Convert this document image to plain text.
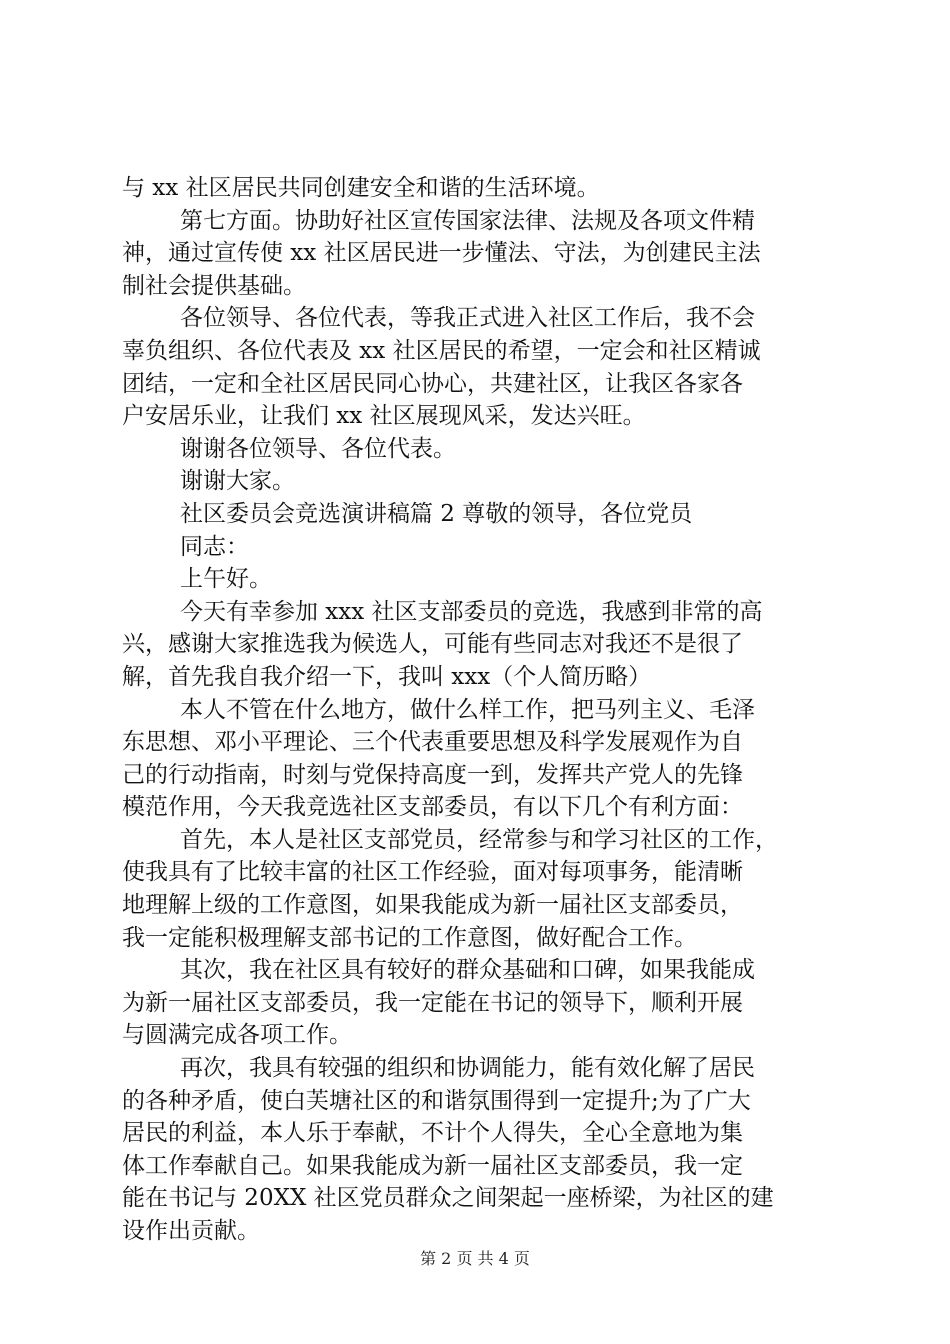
与 xx 社区居民共同创建安全和谐的生活环境。
第七方面。协助好社区宣传国家法律、法规及各项文件精
神，通过宣传使 xx 社区居民进一步懂法、守法，为创建民主法
制社会提供基础。
各位领导、各位代表，等我正式进入社区工作后，我不会
辜负组织、各位代表及 xx 社区居民的希望，一定会和社区精诚
团结，一定和全社区居民同心协心，共建社区，让我区各家各
户安居乐业，让我们 xx 社区展现风采，发达兴旺。
谢谢各位领导、各位代表。
谢谢大家。
社区委员会竞选演讲稿篇 2 尊敬的领导，各位党员
同志：
上午好。
今天有幸参加 xxx 社区支部委员的竞选，我感到非常的高
兴，感谢大家推选我为候选人，可能有些同志对我还不是很了
解，首先我自我介绍一下，我叫 xxx（个人简历略）
本人不管在什么地方，做什么样工作，把马列主义、毛泽
东思想、邓小平理论、三个代表重要思想及科学发展观作为自
己的行动指南，时刻与党保持高度一到，发挥共产党人的先锋
模范作用，今天我竞选社区支部委员，有以下几个有利方面：
首先，本人是社区支部党员，经常参与和学习社区的工作，
使我具有了比较丰富的社区工作经验，面对每项事务，能清晰
地理解上级的工作意图，如果我能成为新一届社区支部委员，
我一定能积极理解支部书记的工作意图，做好配合工作。
其次，我在社区具有较好的群众基础和口碑，如果我能成
为新一届社区支部委员，我一定能在书记的领导下，顺利开展
与圆满完成各项工作。
再次，我具有较强的组织和协调能力，能有效化解了居民
的各种矛盾，使白芙塘社区的和谐氛围得到一定提升;为了广大
居民的利益，本人乐于奉献，不计个人得失，全心全意地为集
体工作奉献自己。如果我能成为新一届社区支部委员，我一定
能在书记与 20XX 社区党员群众之间架起一座桥梁，为社区的建
设作出贡献。
第 2 页 共 4 页
